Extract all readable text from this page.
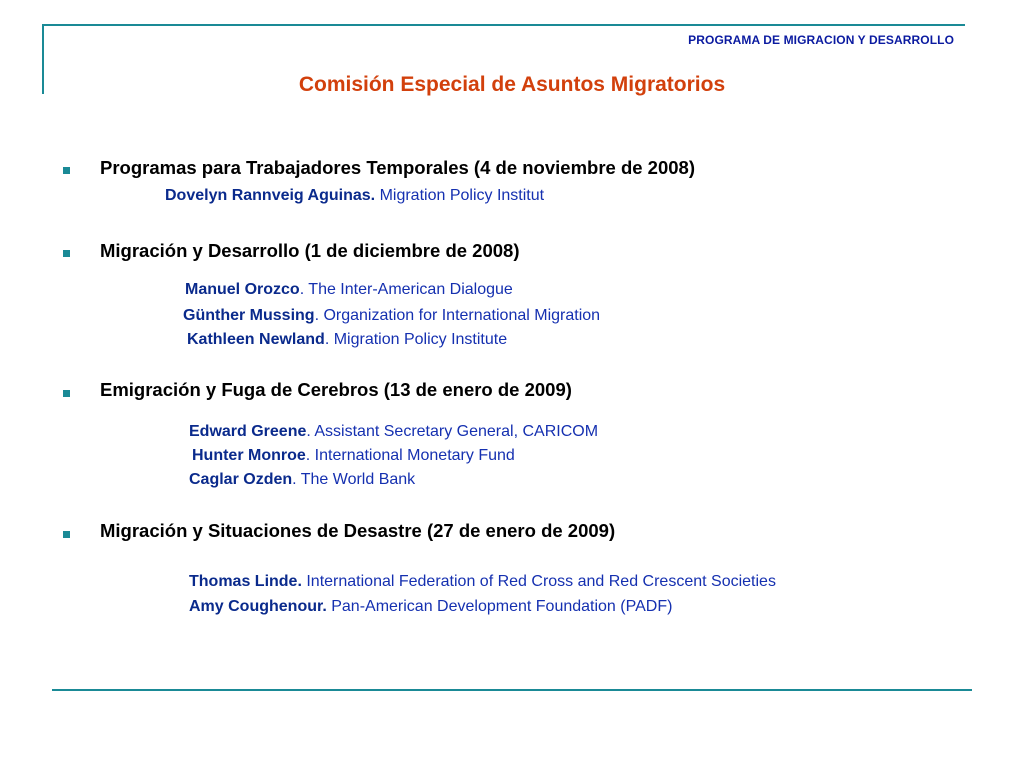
PROGRAMA DE MIGRACION Y DESARROLLO
Comisión Especial de Asuntos Migratorios
Programas para Trabajadores Temporales (4 de noviembre de 2008)
Dovelyn Rannveig Aguinas. Migration Policy Institut
Migración y Desarrollo (1 de diciembre de 2008)
Manuel Orozco. The Inter-American Dialogue
Günther Mussing. Organization for International Migration
Kathleen Newland. Migration Policy Institute
Emigración y Fuga de Cerebros (13 de enero de 2009)
Edward Greene. Assistant Secretary General, CARICOM
Hunter Monroe. International Monetary Fund
Caglar Ozden. The World Bank
Migración y Situaciones de Desastre (27 de enero de 2009)
Thomas Linde. International Federation of Red Cross and Red Crescent Societies
Amy Coughenour. Pan-American Development Foundation (PADF)
